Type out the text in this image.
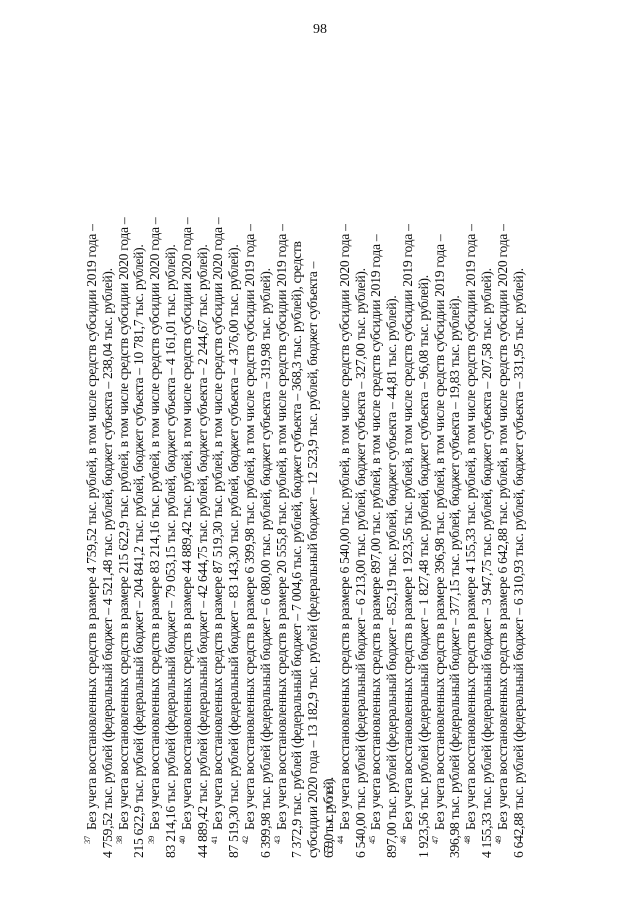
98
$^{37}$Без учета восстановленных средств в размере 4 759,52 тыс. рублей, в том числе средств субсидии 2019 года – 4 759,52 тыс. рублей (федеральный бюджет – 4 521,48 тыс. рублей, бюджет субъекта – 238,04 тыс. рублей). $^{38}$Без учета восстановленных средств в размере 215 622,9 тыс. рублей, в том числе средств субсидии 2020 года – 215 622,9 тыс. рублей (федеральный бюджет – 204 841,2 тыс. рублей, бюджет субъекта – 10 781,7 тыс. рублей). $^{39}$Без учета восстановленных средств в размере 83 214,16 тыс. рублей, в том числе средств субсидии 2020 года – 83 214,16 тыс. рублей (федеральный бюджет – 79 053,15 тыс. рублей, бюджет субъекта – 4 161,01 тыс. рублей). $^{40}$Без учета восстановленных средств в размере 44 889,42 тыс. рублей, в том числе средств субсидии 2020 года – 44 889,42 тыс. рублей (федеральный бюджет – 42 644,75 тыс. рублей, бюджет субъекта – 2 244,67 тыс. рублей). $^{41}$Без учета восстановленных средств в размере 87 519,30 тыс. рублей, в том числе средств субсидии 2020 года – 87 519,30 тыс. рублей (федеральный бюджет – 83 143,30 тыс. рублей, бюджет субъекта – 4 376,00 тыс. рублей). $^{42}$Без учета восстановленных средств в размере 6 399,98 тыс. рублей, в том числе средств субсидии 2019 года – 6 399,98 тыс. рублей (федеральный бюджет – 6 080,00 тыс. рублей, бюджет субъекта – 319,98 тыс. рублей). $^{43}$Без учета восстановленных средств в размере 20 555,8 тыс. рублей, в том числе средств субсидии 2019 года – 7 372,9 тыс. рублей (федеральный бюджет – 7 004,6 тыс. рублей, бюджет субъекта – 368,3 тыс. рублей), средств субсидии 2020 года – 13 182,9 тыс. рублей (федеральный бюджет – 12 523,9 тыс. рублей, бюджет субъекта – 659,0 тыс. рублей). $^{44}$Без учета восстановленных средств в размере 6 540,00 тыс. рублей, в том числе средств субсидии 2020 года – 6 540,00 тыс. рублей (федеральный бюджет – 6 213,00 тыс. рублей, бюджет субъекта – 327,00 тыс. рублей). $^{45}$Без учета восстановленных средств в размере 897,00 тыс. рублей, в том числе средств субсидии 2019 года – 897,00 тыс. рублей (федеральный бюджет – 852,19 тыс. рублей, бюджет субъекта – 44,81 тыс. рублей). $^{46}$Без учета восстановленных средств в размере 1 923,56 тыс. рублей, в том числе средств субсидии 2019 года – 1 923,56 тыс. рублей (федеральный бюджет – 1 827,48 тыс. рублей, бюджет субъекта – 96,08 тыс. рублей). $^{47}$Без учета восстановленных средств в размере 396,98 тыс. рублей, в том числе средств субсидии 2019 года – 396,98 тыс. рублей (федеральный бюджет – 377,15 тыс. рублей, бюджет субъекта – 19,83 тыс. рублей). $^{48}$Без учета восстановленных средств в размере 4 155,33 тыс. рублей, в том числе средств субсидии 2019 года – 4 155,33 тыс. рублей (федеральный бюджет – 3 947,75 тыс. рублей, бюджет субъекта – 207,58 тыс. рублей). $^{49}$Без учета восстановленных средств в размере 6 642,88 тыс. рублей, в том числе средств субсидии 2020 года – 6 642,88 тыс. рублей (федеральный бюджет – 6 310,93 тыс. рублей, бюджет субъекта – 331,95 тыс. рублей).
